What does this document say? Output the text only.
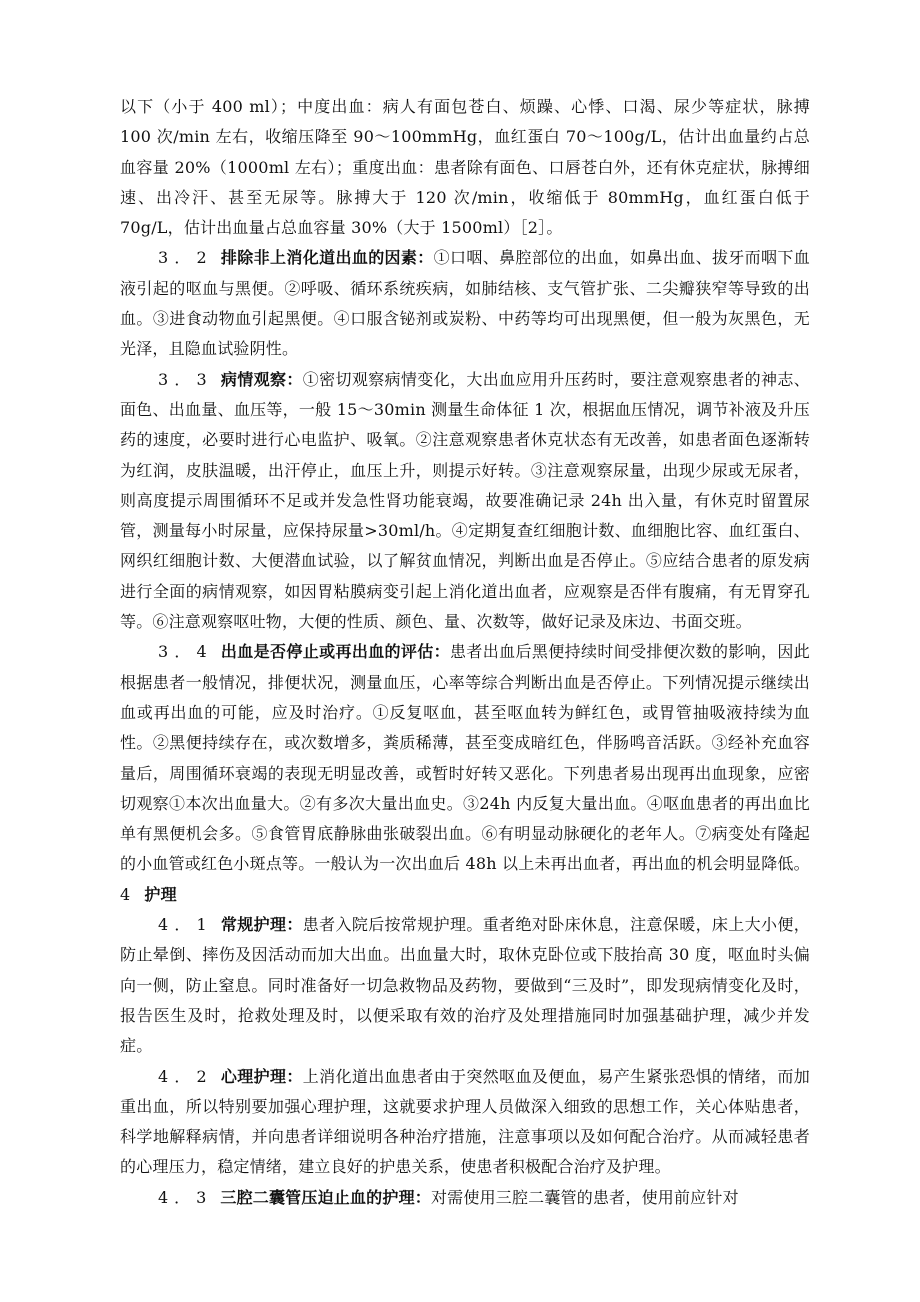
以下（小于 400 ml）；中度出血：病人有面包苍白、烦躁、心悸、口渴、尿少等症状，脉搏 100 次/min 左右，收缩压降至 90～100mmHg，血红蛋白 70～100g/L，估计出血量约占总血容量 20%（1000ml 左右）；重度出血：患者除有面色、口唇苍白外，还有休克症状，脉搏细速、出冷汗、甚至无尿等。脉搏大于 120 次/min，收缩低于 80mmHg，血红蛋白低于 70g/L，估计出血量占总血容量 30%（大于 1500ml）［2］。

3．2 排除非上消化道出血的因素：①口咽、鼻腔部位的出血，如鼻出血、拔牙而咽下血液引起的呕血与黑便。②呼吸、循环系统疾病，如肺结核、支气管扩张、二尖瓣狭窄等导致的出血。③进食动物血引起黑便。④口服含铋剂或炭粉、中药等均可出现黑便，但一般为灰黑色，无光泽，且隐血试验阴性。

3．3 病情观察：①密切观察病情变化，大出血应用升压药时，要注意观察患者的神志、面色、出血量、血压等，一般 15～30min 测量生命体征 1 次，根据血压情况，调节补液及升压药的速度，必要时进行心电监护、吸氧。②注意观察患者休克状态有无改善，如患者面色逐渐转为红润，皮肤温暖，出汗停止，血压上升，则提示好转。③注意观察尿量，出现少尿或无尿者，则高度提示周围循环不足或并发急性肾功能衰竭，故要准确记录 24h 出入量，有休克时留置尿管，测量每小时尿量，应保持尿量>30ml/h。④定期复查红细胞计数、血细胞比容、血红蛋白、网织红细胞计数、大便潜血试验，以了解贫血情况，判断出血是否停止。⑤应结合患者的原发病进行全面的病情观察，如因胃粘膜病变引起上消化道出血者，应观察是否伴有腹痛，有无胃穿孔等。⑥注意观察呕吐物，大便的性质、颜色、量、次数等，做好记录及床边、书面交班。

3．4 出血是否停止或再出血的评估：患者出血后黑便持续时间受排便次数的影响，因此根据患者一般情况，排便状况，测量血压，心率等综合判断出血是否停止。下列情况提示继续出血或再出血的可能，应及时治疗。①反复呕血，甚至呕血转为鲜红色，或胃管抽吸液持续为血性。②黑便持续存在，或次数增多，粪质稀薄，甚至变成暗红色，伴肠鸣音活跃。③经补充血容量后，周围循环衰竭的表现无明显改善，或暂时好转又恶化。下列患者易出现再出血现象，应密切观察①本次出血量大。②有多次大量出血史。③24h 内反复大量出血。④呕血患者的再出血比单有黑便机会多。⑤食管胃底静脉曲张破裂出血。⑥有明显动脉硬化的老年人。⑦病变处有隆起的小血管或红色小斑点等。一般认为一次出血后 48h 以上未再出血者，再出血的机会明显降低。

4 护理

4．1 常规护理：患者入院后按常规护理。重者绝对卧床休息，注意保暖，床上大小便，防止晕倒、摔伤及因活动而加大出血。出血量大时，取休克卧位或下肢抬高 30 度，呕血时头偏向一侧，防止窒息。同时准备好一切急救物品及药物，要做到“三及时”，即发现病情变化及时，报告医生及时，抢救处理及时，以便采取有效的治疗及处理措施同时加强基础护理，减少并发症。

4．2 心理护理：上消化道出血患者由于突然呕血及便血，易产生紧张恐惧的情绪，而加重出血，所以特别要加强心理护理，这就要求护理人员做深入细致的思想工作，关心体贴患者，科学地解释病情，并向患者详细说明各种治疗措施，注意事项以及如何配合治疗。从而减轻患者的心理压力，稳定情绪，建立良好的护患关系，使患者积极配合治疗及护理。

4．3 三腔二囊管压迫止血的护理：对需使用三腔二囊管的患者，使用前应针对
